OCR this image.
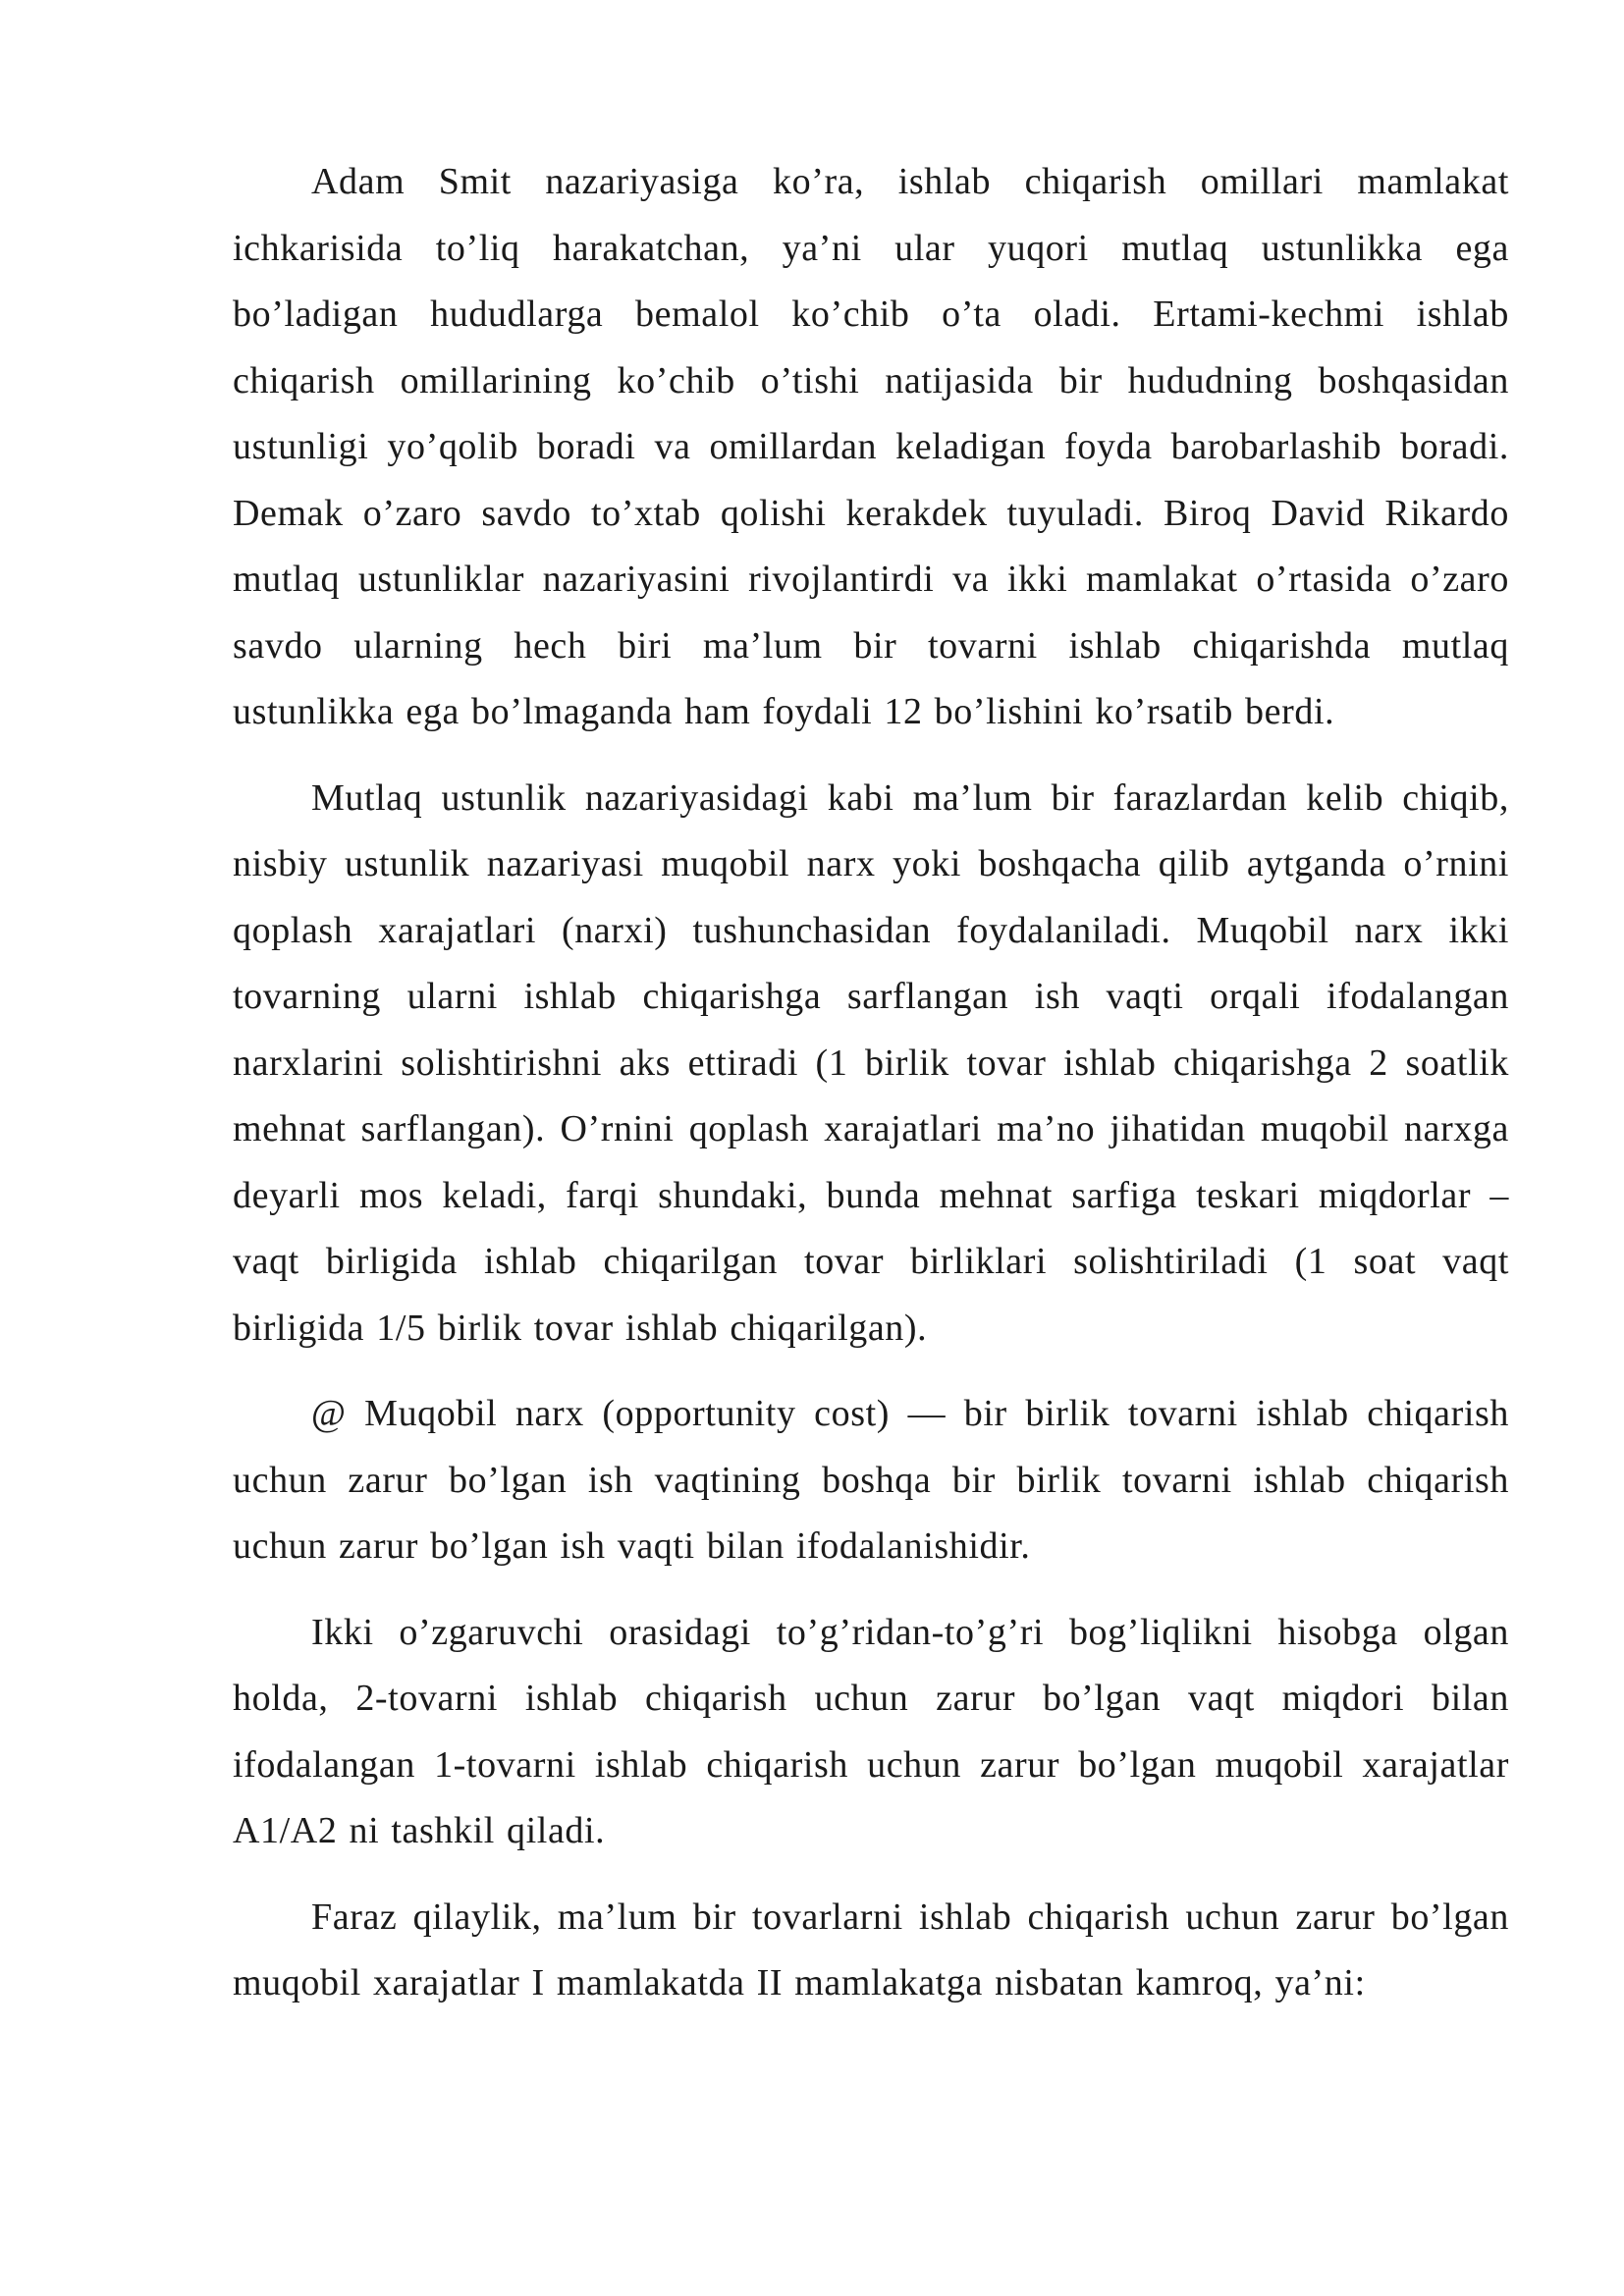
Adam Smit nazariyasiga ko’ra, ishlab chiqarish omillari mamlakat ichkarisida to’liq harakatchan, ya’ni ular yuqori mutlaq ustunlikka ega bo’ladigan hududlarga bemalol ko’chib o’ta oladi. Ertami-kechmi ishlab chiqarish omillarining ko’chib o’tishi natijasida bir hududning boshqasidan ustunligi yo’qolib boradi va omillardan keladigan foyda barobarlashib boradi. Demak o’zaro savdo to’xtab qolishi kerakdek tuyuladi. Biroq David Rikardo mutlaq ustunliklar nazariyasini rivojlantirdi va ikki mamlakat o’rtasida o’zaro savdo ularning hech biri ma’lum bir tovarni ishlab chiqarishda mutlaq ustunlikka ega bo’lmaganda ham foydali 12 bo’lishini ko’rsatib berdi.

Mutlaq ustunlik nazariyasidagi kabi ma’lum bir farazlardan kelib chiqib, nisbiy ustunlik nazariyasi muqobil narx yoki boshqacha qilib aytganda o’rnini qoplash xarajatlari (narxi) tushunchasidan foydalaniladi. Muqobil narx ikki tovarning ularni ishlab chiqarishga sarflangan ish vaqti orqali ifodalangan narxlarini solishtirishni aks ettiradi (1 birlik tovar ishlab chiqarishga 2 soatlik mehnat sarflangan). O’rnini qoplash xarajatlari ma’no jihatidan muqobil narxga deyarli mos keladi, farqi shundaki, bunda mehnat sarfiga teskari miqdorlar – vaqt birligida ishlab chiqarilgan tovar birliklari solishtiriladi (1 soat vaqt birligida 1/5 birlik tovar ishlab chiqarilgan).

@ Muqobil narx (opportunity cost) — bir birlik tovarni ishlab chiqarish uchun zarur bo’lgan ish vaqtining boshqa bir birlik tovarni ishlab chiqarish uchun zarur bo’lgan ish vaqti bilan ifodalanishidir.

Ikki o’zgaruvchi orasidagi to’g’ridan-to’g’ri bog’liqlikni hisobga olgan holda, 2-tovarni ishlab chiqarish uchun zarur bo’lgan vaqt miqdori bilan ifodalangan 1-tovarni ishlab chiqarish uchun zarur bo’lgan muqobil xarajatlar A1/A2 ni tashkil qiladi.

Faraz qilaylik, ma’lum bir tovarlarni ishlab chiqarish uchun zarur bo’lgan muqobil xarajatlar I mamlakatda II mamlakatga nisbatan kamroq, ya’ni:
